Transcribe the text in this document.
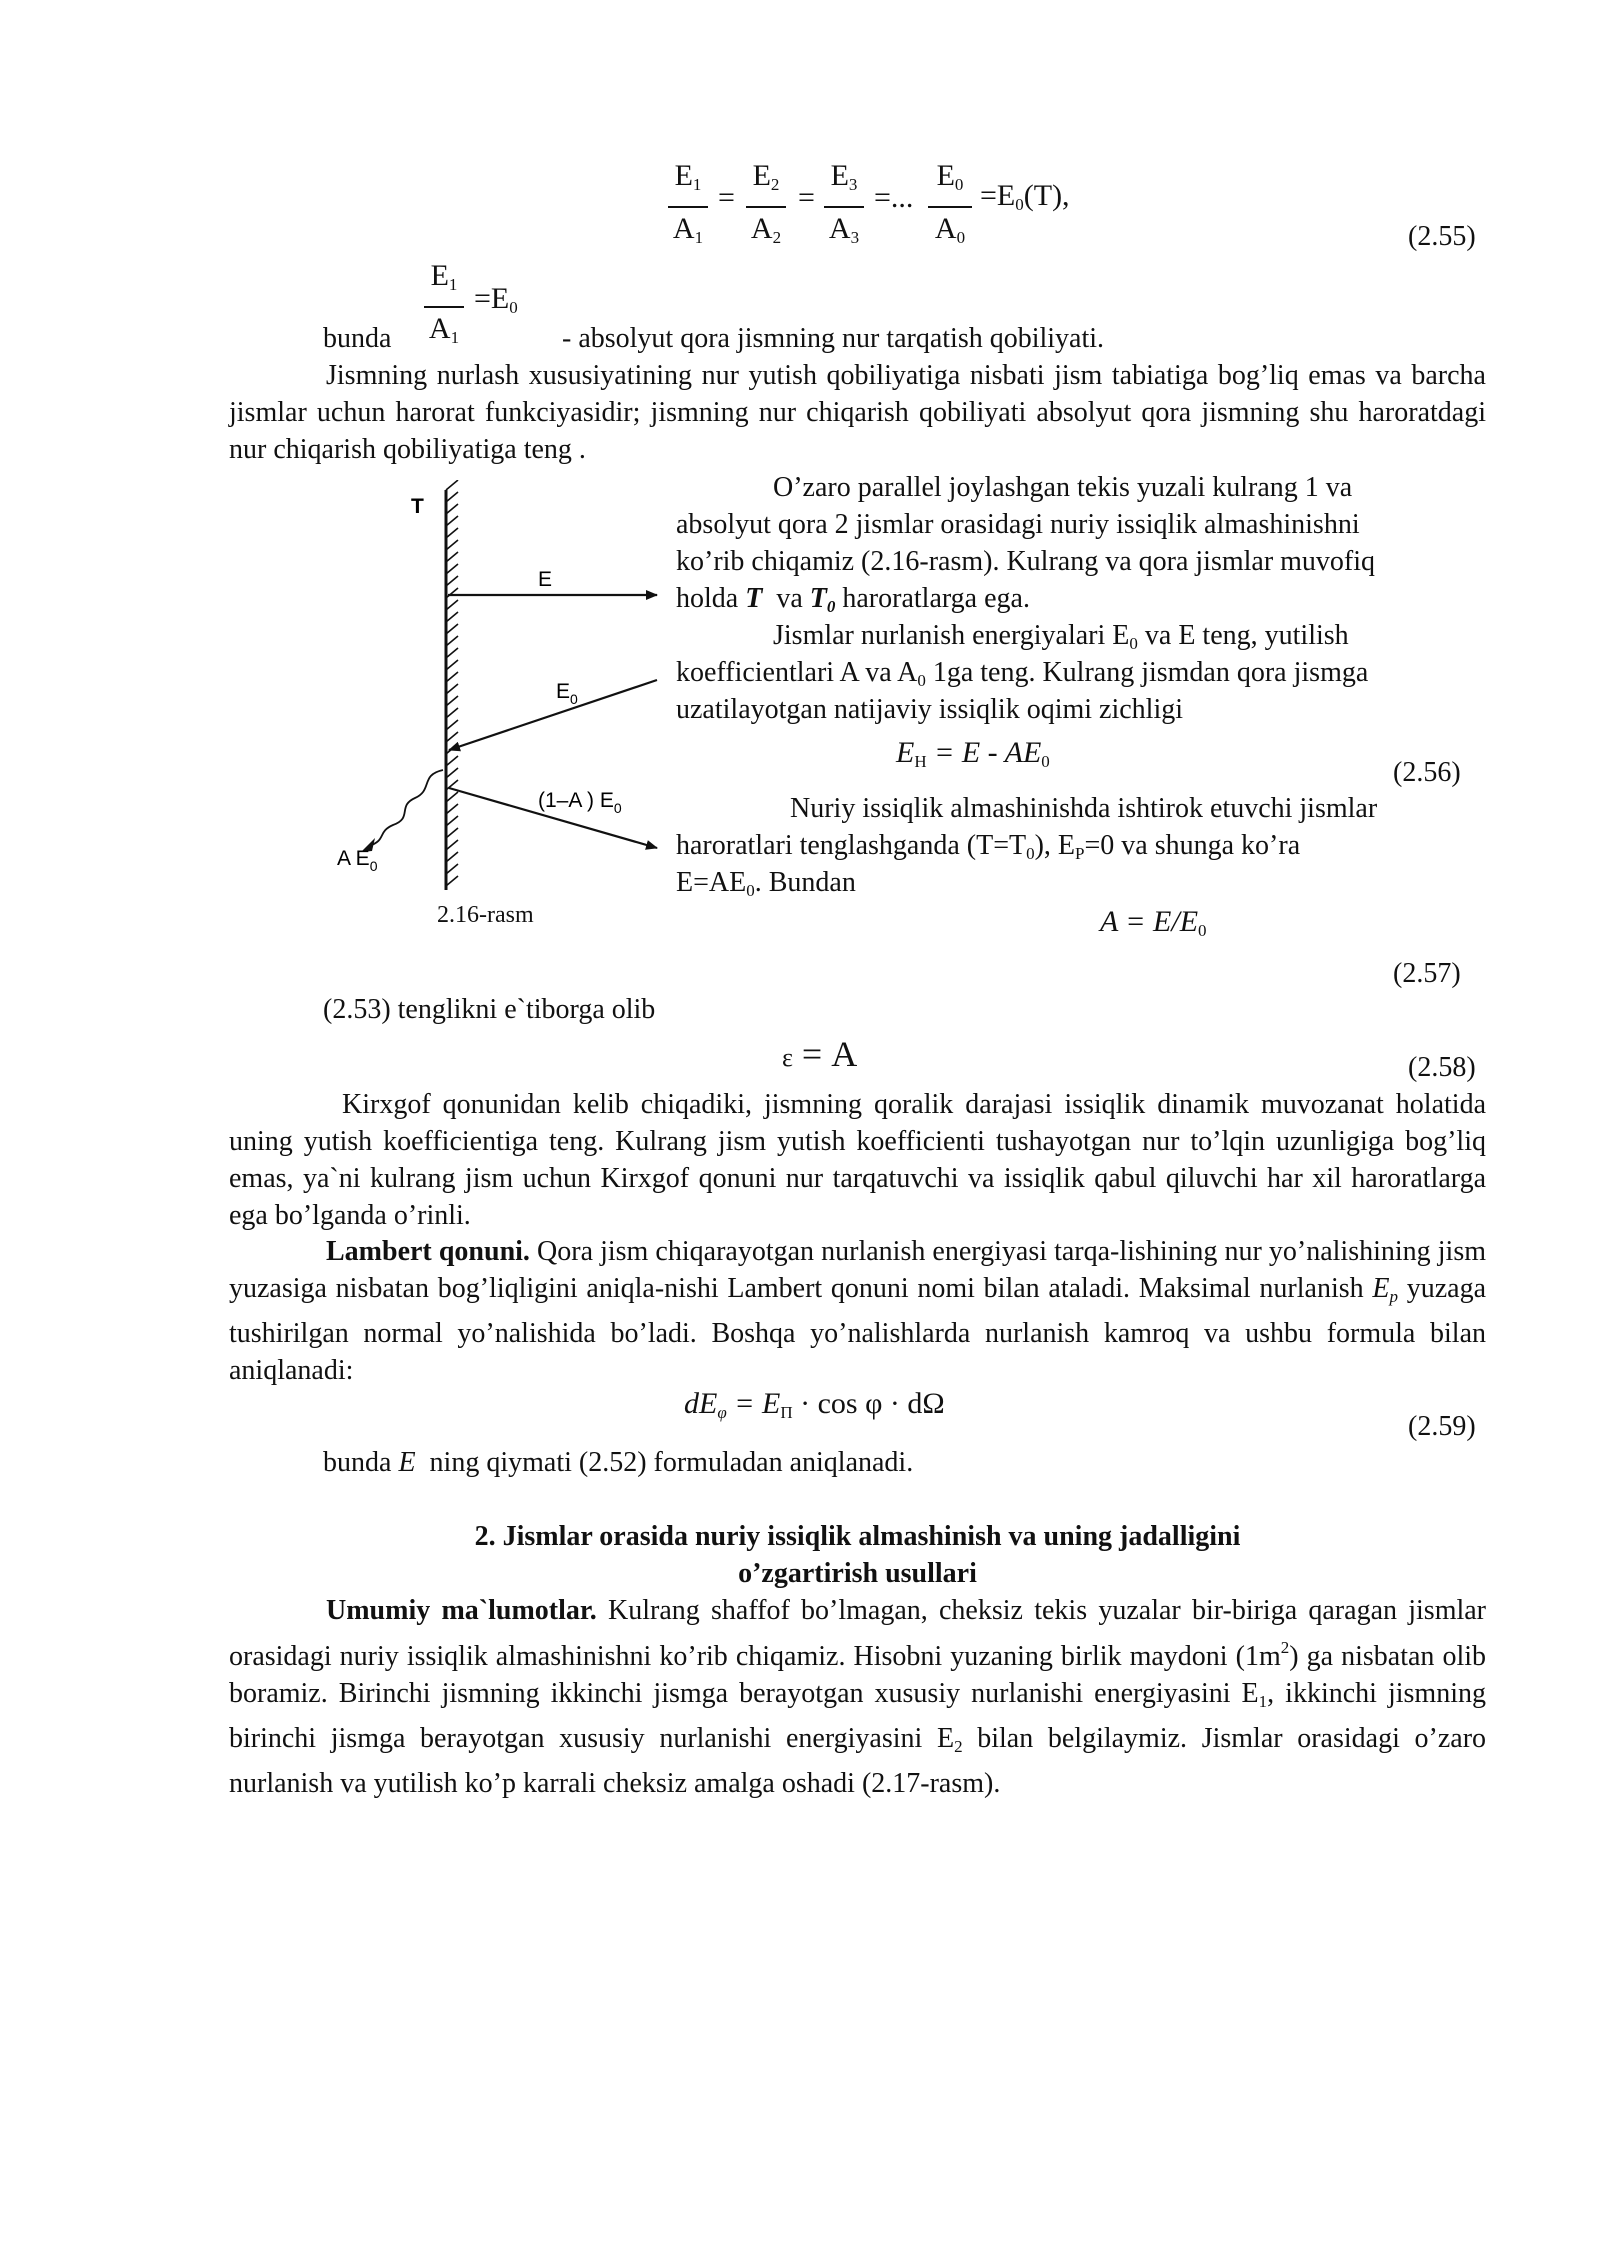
E1
A1
=
E2
A2
=
E3
A3
=...
E0
A0
=E0(T),
(2.55)
bunda
E1
A1
=E0
- absolyut qora jismning nur tarqatish qobiliyati.
Jismning nurlash xususiyatining nur yutish qobiliyatiga nisbati jism tabiatiga bog’liq emas va barcha jismlar uchun harorat funkciyasidir; jismning nur chiqarish qobiliyati absolyut qora jismning shu haroratdagi nur chiqarish qobiliyatiga teng .
T
E
$E_0$
(1–A ) $E_0$
A $E_0$
2.16-rasm
O’zaro parallel joylashgan tekis yuzali kulrang 1 va
absolyut qora 2 jismlar orasidagi nuriy issiqlik almashinishni
ko’rib chiqamiz (2.16-rasm). Kulrang va qora jismlar muvofiq
holda T va T0 haroratlarga ega.
Jismlar nurlanish energiyalari E0 va E teng, yutilish
koefficientlari A va A0 1ga teng. Kulrang jismdan qora jismga
uzatilayotgan natijaviy issiqlik oqimi zichligi
EН = E - AE0	(2.56)
Nuriy issiqlik almashinishda ishtirok etuvchi jismlar
haroratlari tenglashganda (T=T0), EP=0 va shunga ko’ra
E=AE0. Bundan
A = E/E0
(2.57)
(2.53) tenglikni e`tiborga olib
ε = A	(2.58)
Kirxgof qonunidan kelib chiqadiki, jismning qoralik darajasi issiqlik dinamik muvozanat holatida uning yutish koefficientiga teng. Kulrang jism yutish koefficienti tushayotgan nur to’lqin uzunligiga bog’liq emas, ya`ni kulrang jism uchun Kirxgof qonuni nur tarqatuvchi va issiqlik qabul qiluvchi har xil haroratlarga ega bo’lganda o’rinli.
Lambert qonuni. Qora jism chiqarayotgan nurlanish energiyasi tarqa-lishining nur yo’nalishining jism yuzasiga nisbatan bog’liqligini aniqla-nishi Lambert qonuni nomi bilan ataladi. Maksimal nurlanish Ep yuzaga tushirilgan normal yo’nalishida bo’ladi. Boshqa yo’nalishlarda nurlanish kamroq va ushbu formula bilan aniqlanadi:
dEφ = EП · cos φ · dΩ
(2.59)
bunda E ning qiymati (2.52) formuladan aniqlanadi.
2. Jismlar orasida nuriy issiqlik almashinish va uning jadalligini
o’zgartirish usullari
Umumiy ma`lumotlar. Kulrang shaffof bo’lmagan, cheksiz tekis yuzalar bir-biriga qaragan jismlar orasidagi nuriy issiqlik almashinishni ko’rib chiqamiz. Hisobni yuzaning birlik maydoni $(1m^2)$ ga nisbatan olib boramiz. Birinchi jismning ikkinchi jismga berayotgan xususiy nurlanishi energiyasini E1, ikkinchi jismning birinchi jismga berayotgan xususiy nurlanishi energiyasini E2 bilan belgilaymiz. Jismlar orasidagi o’zaro nurlanish va yutilish ko’p karrali cheksiz amalga oshadi (2.17-rasm).
